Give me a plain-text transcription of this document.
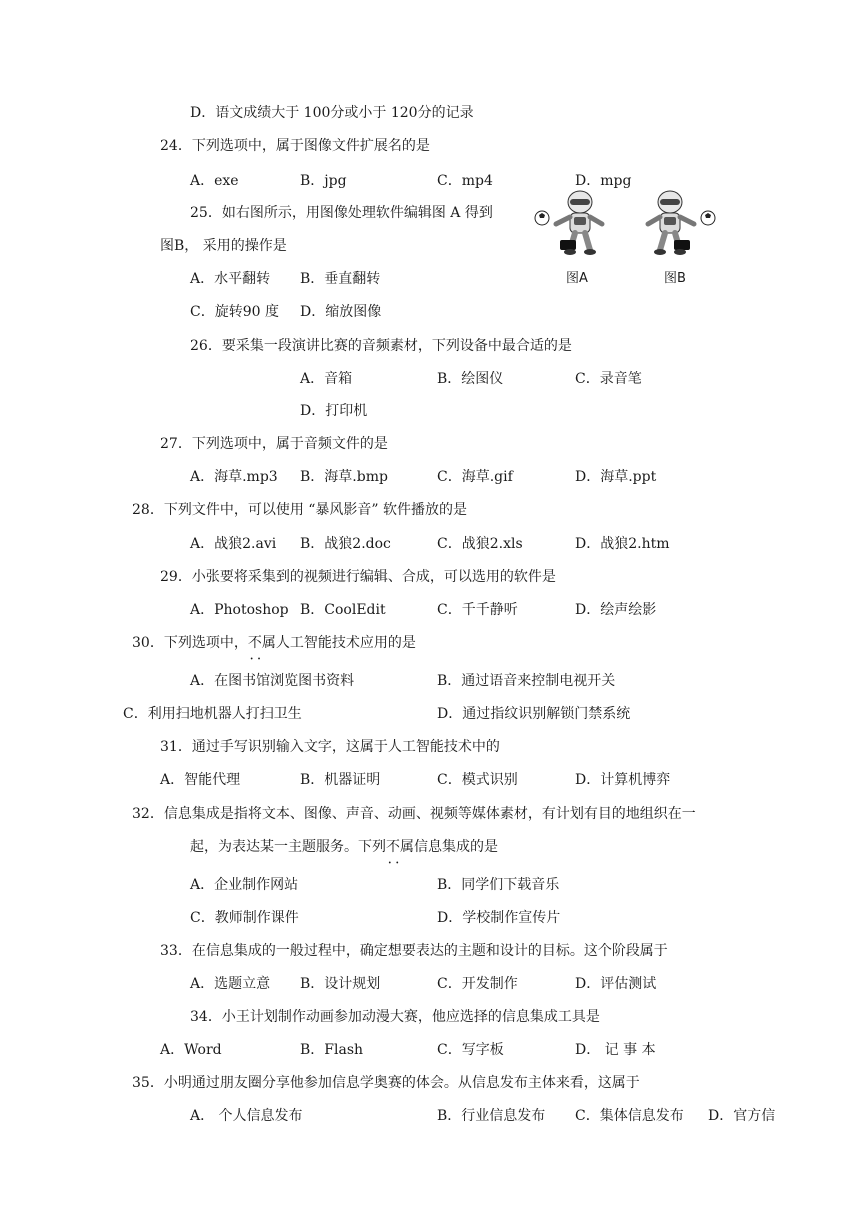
D．语文成绩大于 100分或小于 120分的记录
24．下列选项中，属于图像文件扩展名的是
A．exe	B．jpg	C．mp4	D．mpg
25．如右图所示，用图像处理软件编辑图 A 得到
图B， 采用的操作是
A．水平翻转 B．垂直翻转
C．旋转90 度 D．缩放图像
图A	图B
26．要采集一段演讲比赛的音频素材，下列设备中最合适的是
A．音箱	B．绘图仪	C．录音笔
D．打印机
27．下列选项中，属于音频文件的是
A．海草.mp3 B．海草.bmp	C．海草.gif	D．海草.ppt
28．下列文件中，可以使用 “暴风影音” 软件播放的是
A．战狼2.avi B．战狼2.doc	C．战狼2.xls	D．战狼2.htm
29．小张要将采集到的视频进行编辑、合成，可以选用的软件是
A．Photoshop B．CoolEdit	C．千千静听	D．绘声绘影
30．下列选项中，不属 • •人工智能技术应用的是
A．在图书馆浏览图书资料	B．通过语音来控制电视开关
C．利用扫地机器人打扫卫生	D．通过指纹识别解锁门禁系统
31．通过手写识别输入文字，这属于人工智能技术中的
A．智能代理	B．机器证明	C．模式识别	D．计算机博弈
32．信息集成是指将文本、图像、声音、动画、视频等媒体素材，有计划有目的地组织在一
起，为表达某一主题服务。下列不属 • •信息集成的是
A．企业制作网站	B．同学们下载音乐
C．教师制作课件	D．学校制作宣传片
33．在信息集成的一般过程中，确定想要表达的主题和设计的目标。这个阶段属于
A．选题立意 B．设计规划	C．开发制作	D．评估测试
34．小王计划制作动画参加动漫大赛，他应选择的信息集成工具是
A．Word	B．Flash	C．写字板	D． 记 事 本
35．小明通过朋友圈分享他参加信息学奥赛的体会。从信息发布主体来看，这属于
A． 个人信息发布	B．行业信息发布 C．集体信息发布 D．官方信
